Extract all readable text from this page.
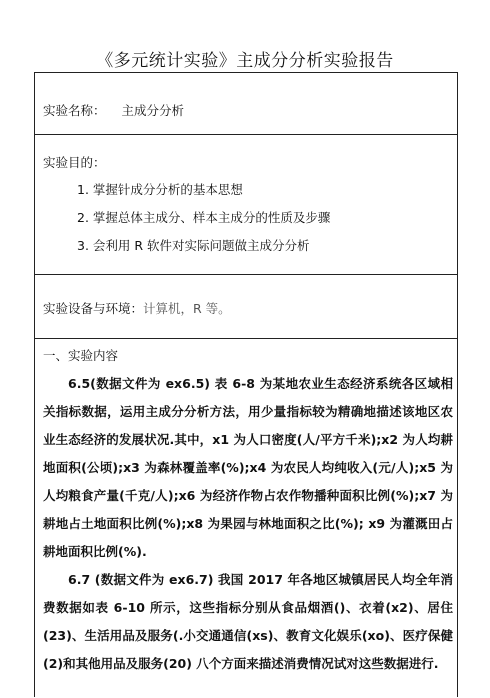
《多元统计实验》主成分分析实验报告
实验名称： 主成分分析
实验目的：
1. 掌握针成分分析的基本思想
2. 掌握总体主成分、样本主成分的性质及步骤
3. 会利用 R 软件对实际问题做主成分分析
实验设备与环境：计算机，R 等。
一、实验内容
6.5(数据文件为 ex6.5) 表 6-8 为某地农业生态经济系统各区域相关指标数据，运用主成分分析方法，用少量指标较为精确地描述该地区农业生态经济的发展状况.其中，x1 为人口密度(人/平方千米);x2 为人均耕地面积(公顷);x3 为森林覆盖率(%);x4 为农民人均纯收入(元/人);x5 为人均粮食产量(千克/人);x6 为经济作物占农作物播种面积比例(%);x7 为耕地占土地面积比例(%);x8 为果园与林地面积之比(%); x9 为灌溉田占耕地面积比例(%).
6.7 (数据文件为 ex6.7) 我国 2017 年各地区城镇居民人均全年消费数据如表 6-10 所示，这些指标分别从食品烟酒()、衣着(x2)、居住(23)、生活用品及服务(.小交通通信(xs)、教育文化娱乐(xo)、医疗保健(2)和其他用品及服务(20) 八个方面来描述消费情况试对这些数据进行.
